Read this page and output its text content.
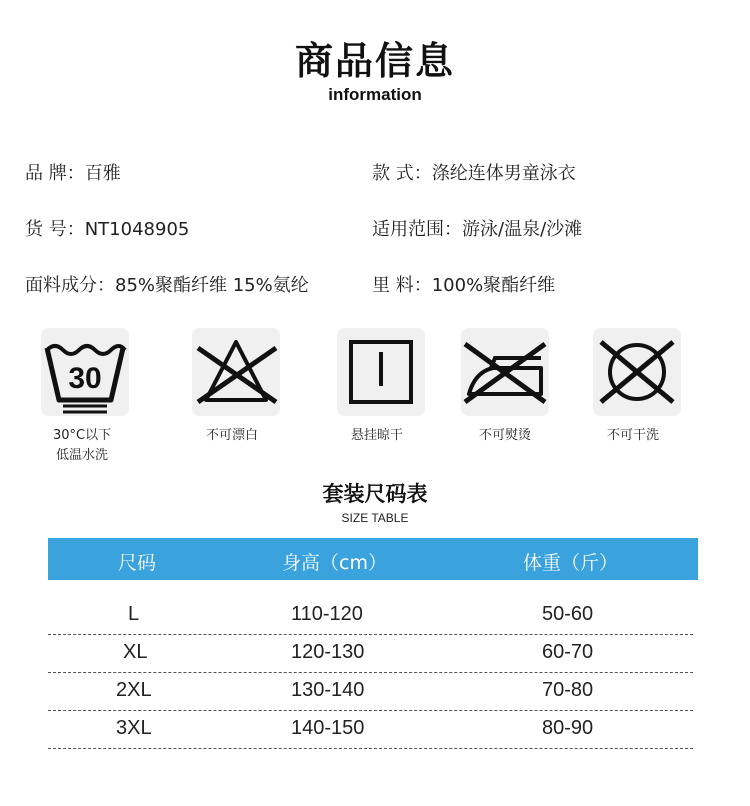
商品信息
information
品 牌：百雅	款 式：涤纶连体男童泳衣
货 号：NT1048905	适用范围：游泳/温泉/沙滩
面料成分：85%聚酯纤维 15%氨纶	里 料：100%聚酯纤维
30
30°C以下
低温水洗
不可漂白	悬挂晾干	不可熨烫	不可干洗
套装尺码表
SIZE TABLE
尺码	身高（cm）	体重（斤）
L	110-120	50-60
XL	120-130	60-70
2XL	130-140	70-80
3XL	140-150	80-90
